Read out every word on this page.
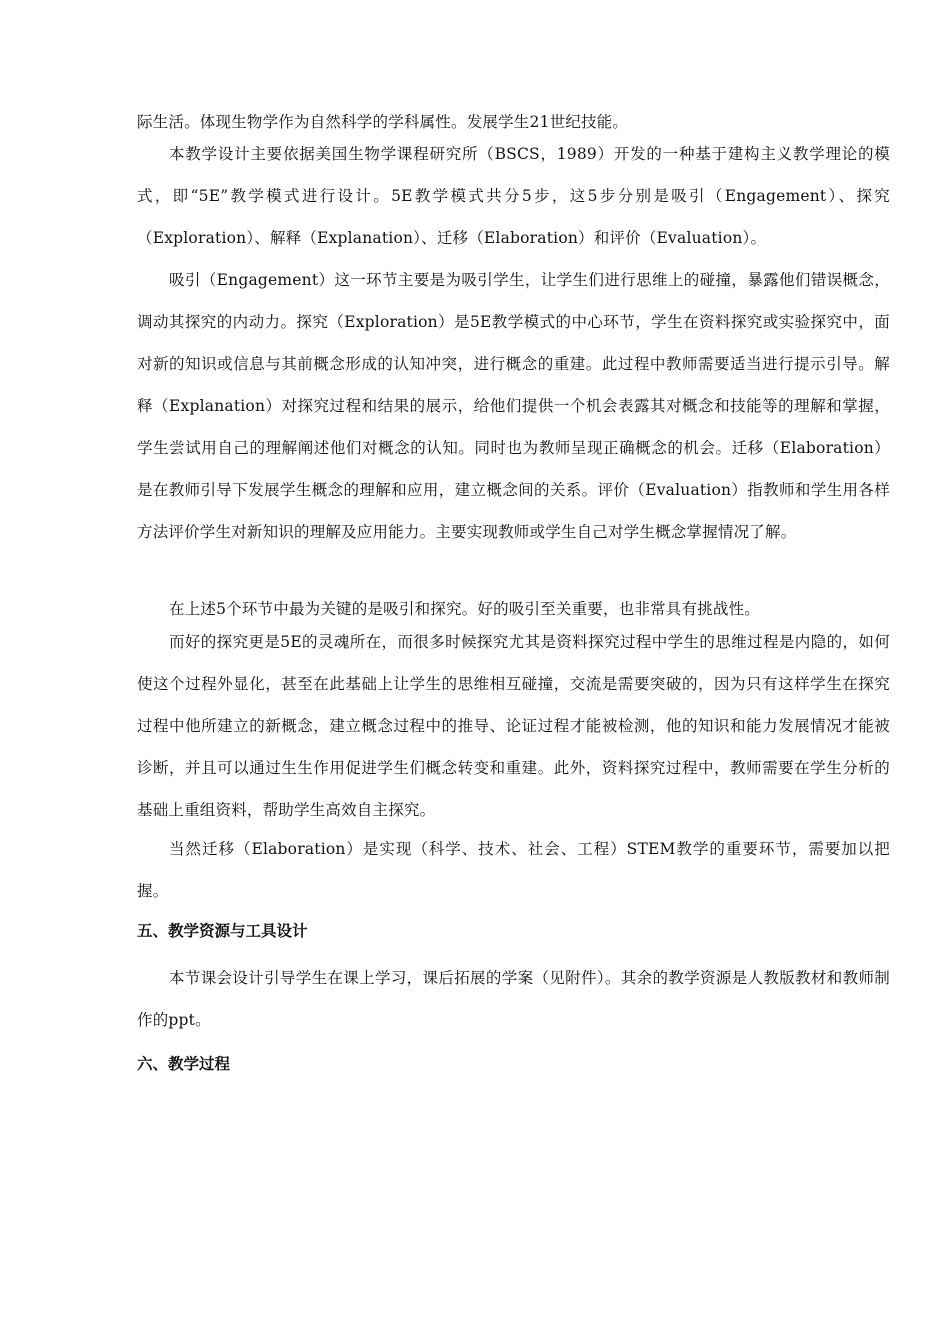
际生活。体现生物学作为自然科学的学科属性。发展学生21世纪技能。

本教学设计主要依据美国生物学课程研究所（BSCS，1989）开发的一种基于建构主义教学理论的模式，即“5E”教学模式进行设计。5E教学模式共分5步，这5步分别是吸引（Engagement）、探究（Exploration）、解释（Explanation）、迁移（Elaboration）和评价（Evaluation）。

吸引（Engagement）这一环节主要是为吸引学生，让学生们进行思维上的碰撞，暴露他们错误概念，调动其探究的内动力。探究（Exploration）是5E教学模式的中心环节，学生在资料探究或实验探究中，面对新的知识或信息与其前概念形成的认知冲突，进行概念的重建。此过程中教师需要适当进行提示引导。解释（Explanation）对探究过程和结果的展示，给他们提供一个机会表露其对概念和技能等的理解和掌握，学生尝试用自己的理解阐述他们对概念的认知。同时也为教师呈现正确概念的机会。迁移（Elaboration）是在教师引导下发展学生概念的理解和应用，建立概念间的关系。评价（Evaluation）指教师和学生用各样方法评价学生对新知识的理解及应用能力。主要实现教师或学生自己对学生概念掌握情况了解。

在上述5个环节中最为关键的是吸引和探究。好的吸引至关重要，也非常具有挑战性。

而好的探究更是5E的灵魂所在，而很多时候探究尤其是资料探究过程中学生的思维过程是内隐的，如何使这个过程外显化，甚至在此基础上让学生的思维相互碰撞，交流是需要突破的，因为只有这样学生在探究过程中他所建立的新概念，建立概念过程中的推导、论证过程才能被检测，他的知识和能力发展情况才能被诊断，并且可以通过生生作用促进学生们概念转变和重建。此外，资料探究过程中，教师需要在学生分析的基础上重组资料，帮助学生高效自主探究。

当然迁移（Elaboration）是实现（科学、技术、社会、工程）STEM教学的重要环节，需要加以把握。

五、教学资源与工具设计

本节课会设计引导学生在课上学习，课后拓展的学案（见附件）。其余的教学资源是人教版教材和教师制作的ppt。

六、教学过程
